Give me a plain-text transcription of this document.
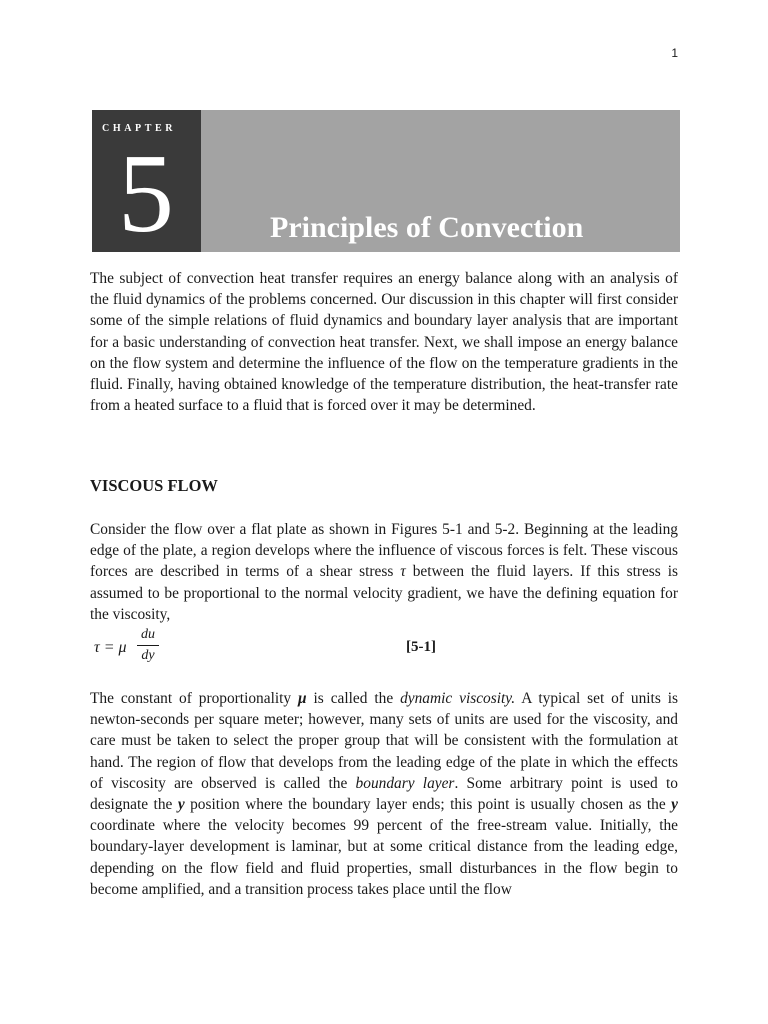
1
CHAPTER
5	Principles of Convection

The subject of convection heat transfer requires an energy balance along with an analysis of the fluid dynamics of the problems concerned. Our discussion in this chapter will first consider some of the simple relations of fluid dynamics and boundary layer analysis that are important for a basic understanding of convection heat transfer. Next, we shall impose an energy balance on the flow system and determine the influence of the flow on the temperature gradients in the fluid. Finally, having obtained knowledge of the temperature distribution, the heat-transfer rate from a heated surface to a fluid that is forced over it may be determined.

VISCOUS FLOW

Consider the flow over a flat plate as shown in Figures 5-1 and 5-2. Beginning at the leading edge of the plate, a region develops where the influence of viscous forces is felt. These viscous forces are described in terms of a shear stress τ between the fluid layers. If this stress is assumed to be proportional to the normal velocity gradient, we have the defining equation for the viscosity,

τ = μ
du
dy
[5-1]

The constant of proportionality μ is called the dynamic viscosity. A typical set of units is newton-seconds per square meter; however, many sets of units are used for the viscosity, and care must be taken to select the proper group that will be consistent with the formulation at hand. The region of flow that develops from the leading edge of the plate in which the effects of viscosity are observed is called the boundary layer. Some arbitrary point is used to designate the y position where the boundary layer ends; this point is usually chosen as the y coordinate where the velocity becomes 99 percent of the free-stream value. Initially, the boundary-layer development is laminar, but at some critical distance from the leading edge, depending on the flow field and fluid properties, small disturbances in the flow begin to become amplified, and a transition process takes place until the flow
